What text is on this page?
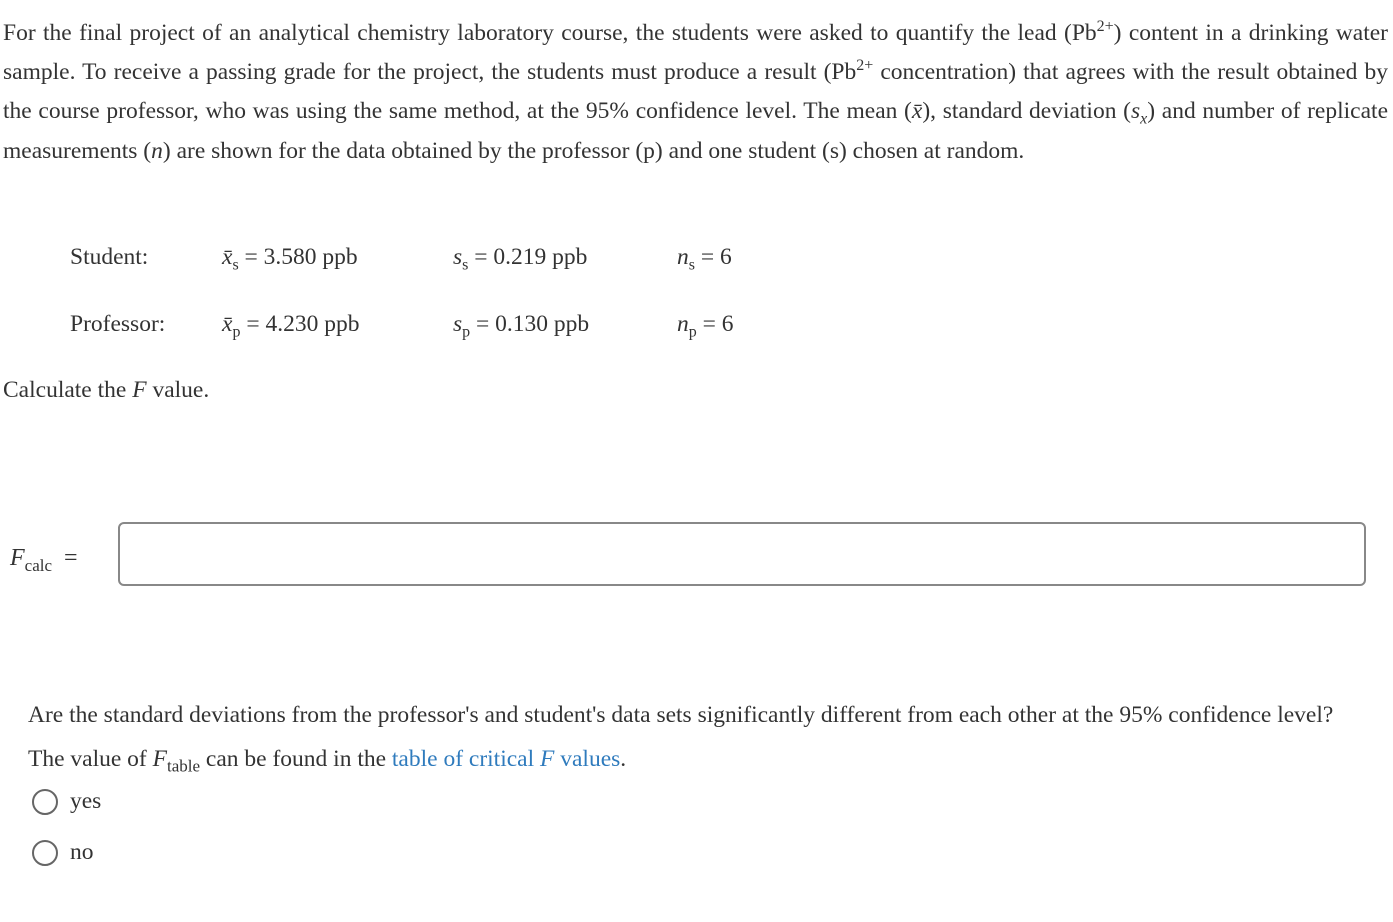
For the final project of an analytical chemistry laboratory course, the students were asked to quantify the lead $(Pb^{2+})$ content in a drinking water sample. To receive a passing grade for the project, the students must produce a result ($Pb^{2+}$ concentration) that agrees with the result obtained by the course professor, who was using the same method, at the 95% confidence level. The mean (x̄), standard deviation $(s_x)$ and number of replicate measurements (n) are shown for the data obtained by the professor (p) and one student (s) chosen at random.
Student:	$x̄_s = 3.580$ ppb	$s_s = 0.219$ ppb	$n_s = 6$
Professor: $x̄_p = 4.230$ ppb	$s_p = 0.130$ ppb	$n_p = 6$
Calculate the F value.
$F_{calc}$ =
Are the standard deviations from the professor's and student's data sets significantly different from each other at the 95% confidence level? The value of $F_{table}$ can be found in the table of critical F values.
yes
no
